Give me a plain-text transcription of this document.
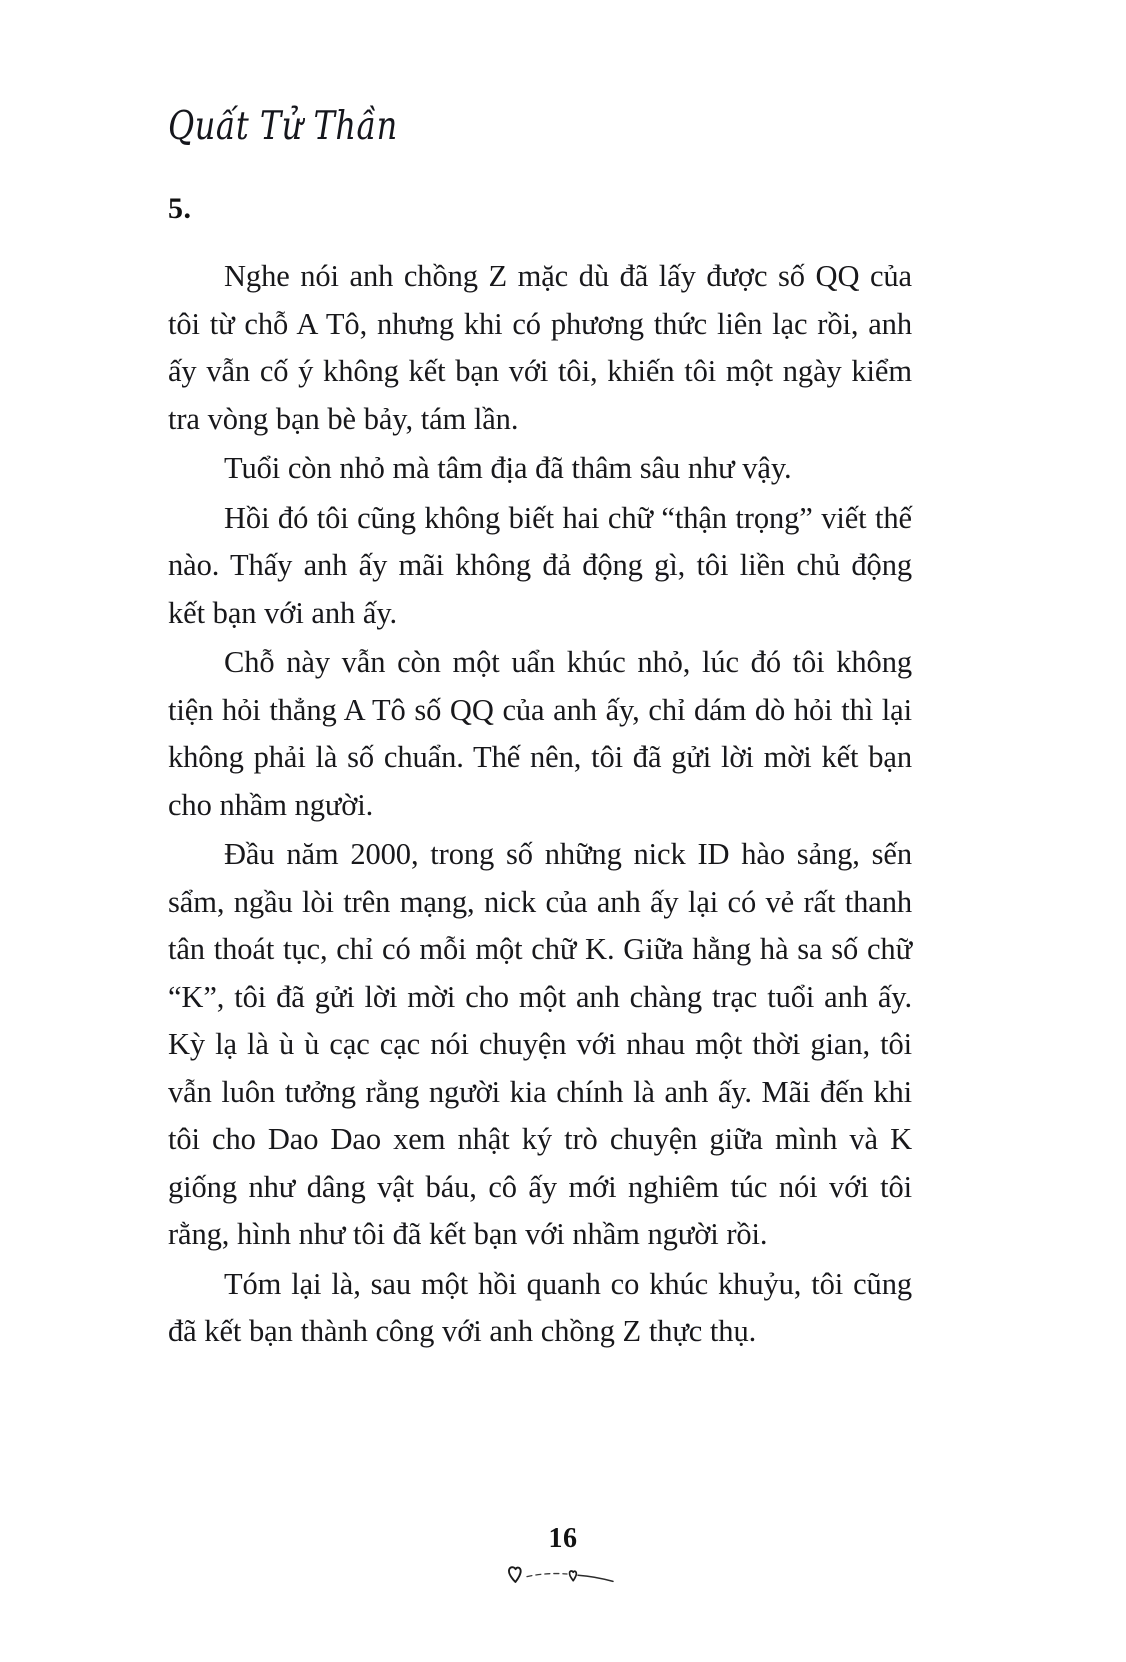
Quất Tử Thần
5.

Nghe nói anh chồng Z mặc dù đã lấy được số QQ của tôi từ chỗ A Tô, nhưng khi có phương thức liên lạc rồi, anh ấy vẫn cố ý không kết bạn với tôi, khiến tôi một ngày kiểm tra vòng bạn bè bảy, tám lần.

Tuổi còn nhỏ mà tâm địa đã thâm sâu như vậy.

Hồi đó tôi cũng không biết hai chữ “thận trọng” viết thế nào. Thấy anh ấy mãi không đả động gì, tôi liền chủ động kết bạn với anh ấy.

Chỗ này vẫn còn một uẩn khúc nhỏ, lúc đó tôi không tiện hỏi thẳng A Tô số QQ của anh ấy, chỉ dám dò hỏi thì lại không phải là số chuẩn. Thế nên, tôi đã gửi lời mời kết bạn cho nhầm người.

Đầu năm 2000, trong số những nick ID hào sảng, sến sẩm, ngầu lòi trên mạng, nick của anh ấy lại có vẻ rất thanh tân thoát tục, chỉ có mỗi một chữ K. Giữa hằng hà sa số chữ “K”, tôi đã gửi lời mời cho một anh chàng trạc tuổi anh ấy. Kỳ lạ là ù ù cạc cạc nói chuyện với nhau một thời gian, tôi vẫn luôn tưởng rằng người kia chính là anh ấy. Mãi đến khi tôi cho Dao Dao xem nhật ký trò chuyện giữa mình và K giống như dâng vật báu, cô ấy mới nghiêm túc nói với tôi rằng, hình như tôi đã kết bạn với nhầm người rồi.

Tóm lại là, sau một hồi quanh co khúc khuỷu, tôi cũng đã kết bạn thành công với anh chồng Z thực thụ.

16
